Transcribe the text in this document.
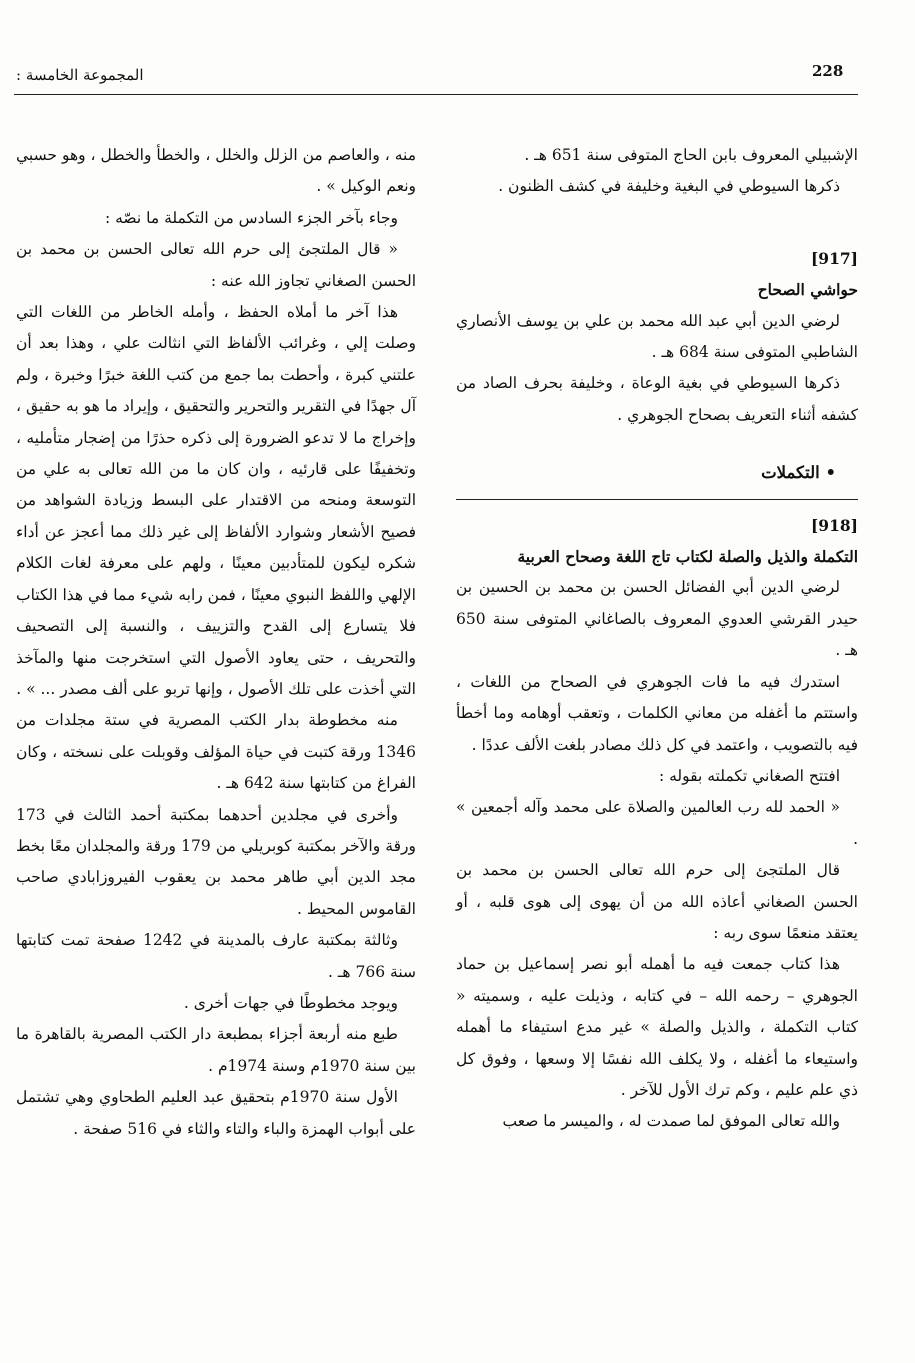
228
المجموعة الخامسة :

الإشبيلي المعروف بابن الحاج المتوفى سنة 651 هـ .

ذكرها السيوطي في البغية وخليفة في كشف الظنون .

[917]

حواشي الصحاح

لرضي الدين أبي عبد الله محمد بن علي بن يوسف الأنصاري الشاطبي المتوفى سنة 684 هـ .

ذكرها السيوطي في بغية الوعاة ، وخليفة بحرف الصاد من كشفه أثناء التعريف بصحاح الجوهري .

• التكملات

[918]

التكملة والذيل والصلة لكتاب تاج اللغة وصحاح العربية

لرضي الدين أبي الفضائل الحسن بن محمد بن الحسين بن حيدر القرشي العدوي المعروف بالصاغاني المتوفى سنة 650 هـ .

استدرك فيه ما فات الجوهري في الصحاح من اللغات ، واستتم ما أغفله من معاني الكلمات ، وتعقب أوهامه وما أخطأ فيه بالتصويب ، واعتمد في كل ذلك مصادر بلغت الألف عددًا .

افتتح الصغاني تكملته بقوله :

« الحمد لله رب العالمين والصلاة على محمد وآله أجمعين » .

قال الملتجئ إلى حرم الله تعالى الحسن بن محمد بن الحسن الصغاني أعاذه الله من أن يهوى إلى هوى قلبه ، أو يعتقد منعمًا سوى ربه :

هذا كتاب جمعت فيه ما أهمله أبو نصر إسماعيل بن حماد الجوهري – رحمه الله – في كتابه ، وذيلت عليه ، وسميته « كتاب التكملة ، والذيل والصلة » غير مدع استيفاء ما أهمله واستيعاء ما أغفله ، ولا يكلف الله نفسًا إلا وسعها ، وفوق كل ذي علم عليم ، وكم ترك الأول للآخر .

والله تعالى الموفق لما صمدت له ، والميسر ما صعب

منه ، والعاصم من الزلل والخلل ، والخطأ والخطل ، وهو حسبي ونعم الوكيل » .

وجاء بآخر الجزء السادس من التكملة ما نصّه :

« قال الملتجئ إلى حرم الله تعالى الحسن بن محمد بن الحسن الصغاني تجاوز الله عنه :

هذا آخر ما أملاه الحفظ ، وأمله الخاطر من اللغات التي وصلت إلي ، وغرائب الألفاظ التي انثالت علي ، وهذا بعد أن علتني كبرة ، وأحطت بما جمع من كتب اللغة خبرًا وخبرة ، ولم آل جهدًا في التقرير والتحرير والتحقيق ، وإيراد ما هو به حقيق ، وإخراج ما لا تدعو الضرورة إلى ذكره حذرًا من إضجار متأمليه ، وتخفيفًا على قارئيه ، وان كان ما من الله تعالى به علي من التوسعة ومنحه من الاقتدار على البسط وزيادة الشواهد من فصيح الأشعار وشوارد الألفاظ إلى غير ذلك مما أعجز عن أداء شكره ليكون للمتأدبين معينًا ، ولهم على معرفة لغات الكلام الإلهي واللفظ النبوي معينًا ، فمن رابه شيء مما في هذا الكتاب فلا يتسارع إلى القدح والتزييف ، والنسبة إلى التصحيف والتحريف ، حتى يعاود الأصول التي استخرجت منها والمآخذ التي أخذت على تلك الأصول ، وإنها تربو على ألف مصدر ... » .

منه مخطوطة بدار الكتب المصرية في ستة مجلدات من 1346 ورقة كتبت في حياة المؤلف وقوبلت على نسخته ، وكان الفراغ من كتابتها سنة 642 هـ .

وأخرى في مجلدين أحدهما بمكتبة أحمد الثالث في 173 ورقة والآخر بمكتبة كوبريلي من 179 ورقة والمجلدان معًا بخط مجد الدين أبي طاهر محمد بن يعقوب الفيروزابادي صاحب القاموس المحيط .

وثالثة بمكتبة عارف بالمدينة في 1242 صفحة تمت كتابتها سنة 766 هـ .

ويوجد مخطوطًا في جهات أخرى .

طبع منه أربعة أجزاء بمطبعة دار الكتب المصرية بالقاهرة ما بين سنة 1970م وسنة 1974م .

الأول سنة 1970م بتحقيق عبد العليم الطحاوي وهي تشتمل على أبواب الهمزة والباء والتاء والثاء في 516 صفحة .
